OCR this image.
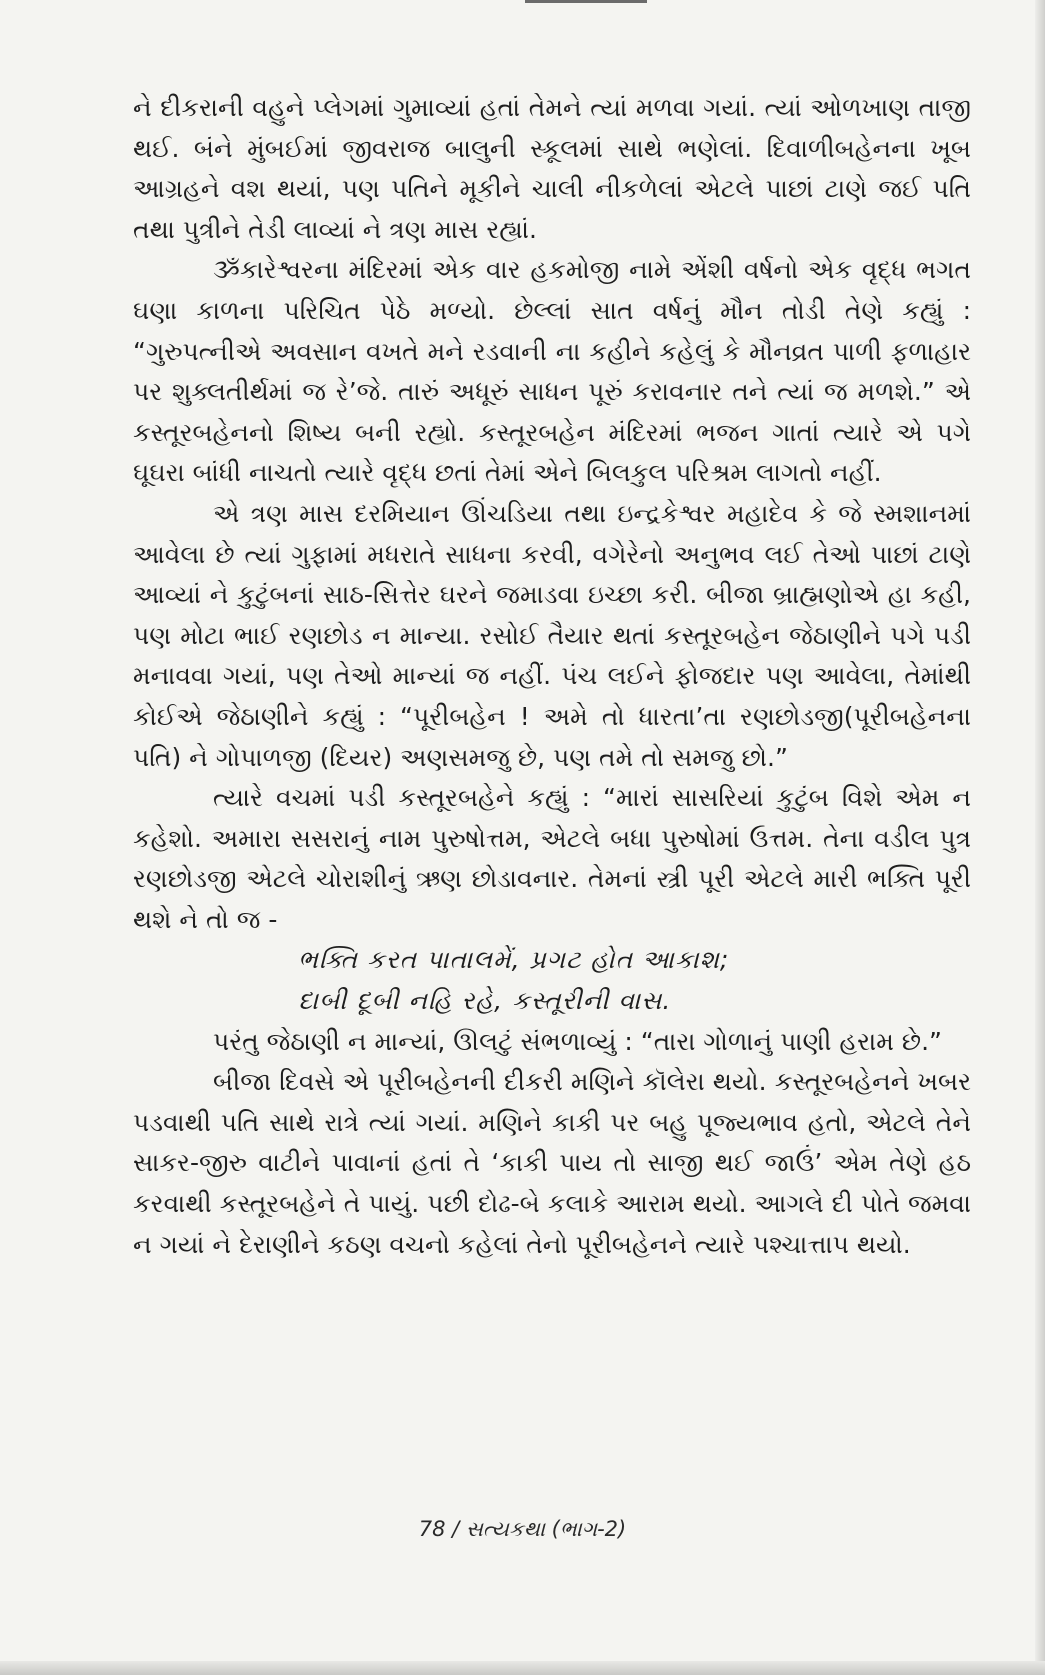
ને દીકરાની વહુને પ્લેગમાં ગુમાવ્યાં હતાં તેમને ત્યાં મળવા ગયાં. ત્યાં ઓળખાણ તાજી થઈ. બંને મુંબઈમાં જીવરાજ બાલુની સ્કૂલમાં સાથે ભણેલાં. દિવાળીબહેનના ખૂબ આગ્રહને વશ થયાં, પણ પતિને મૂકીને ચાલી નીકળેલાં એટલે પાછાં ટાણે જઈ પતિ તથા પુત્રીને તેડી લાવ્યાં ને ત્રણ માસ રહ્યાં.

ૐકારેશ્વરના મંદિરમાં એક વાર હકમોજી નામે એંશી વર્ષનો એક વૃદ્ધ ભગત ઘણા કાળના પરિચિત પેઠે મળ્યો. છેલ્લાં સાત વર્ષનું મૌન તોડી તેણે કહ્યું : “ગુરુપત્નીએ અવસાન વખતે મને રડવાની ના કહીને કહેલું કે મૌનવ્રત પાળી ફળાહાર પર શુક્લતીર્થમાં જ રે’જે. તારું અધૂરું સાધન પૂરું કરાવનાર તને ત્યાં જ મળશે.” એ કસ્તૂરબહેનનો શિષ્ય બની રહ્યો. કસ્તૂરબહેન મંદિરમાં ભજન ગાતાં ત્યારે એ પગે ઘૂઘરા બાંધી નાચતો ત્યારે વૃદ્ધ છતાં તેમાં એને બિલકુલ પરિશ્રમ લાગતો નહીં.

એ ત્રણ માસ દરમિયાન ઊંચડિયા તથા ઇન્દ્રકેશ્વર મહાદેવ કે જે સ્મશાનમાં આવેલા છે ત્યાં ગુફામાં મધરાતે સાધના કરવી, વગેરેનો અનુભવ લઈ તેઓ પાછાં ટાણે આવ્યાં ને કુટુંબનાં સાઠ-સિત્તેર ઘરને જમાડવા ઇચ્છા કરી. બીજા બ્રાહ્મણોએ હા કહી, પણ મોટા ભાઈ રણછોડ ન માન્યા. રસોઈ તૈયાર થતાં કસ્તૂરબહેન જેઠાણીને પગે પડી મનાવવા ગયાં, પણ તેઓ માન્યાં જ નહીં. પંચ લઈને ફોજદાર પણ આવેલા, તેમાંથી કોઈએ જેઠાણીને કહ્યું : “પૂરીબહેન ! અમે તો ધારતા’તા રણછોડજી(પૂરીબહેનના પતિ) ને ગોપાળજી (દિયર) અણસમજુ છે, પણ તમે તો સમજુ છો.”

ત્યારે વચમાં પડી કસ્તૂરબહેને કહ્યું : “મારાં સાસરિયાં કુટુંબ વિશે એમ ન કહેશો. અમારા સસરાનું નામ પુરુષોત્તમ, એટલે બધા પુરુષોમાં ઉત્તમ. તેના વડીલ પુત્ર રણછોડજી એટલે ચોરાશીનું ઋણ છોડાવનાર. તેમનાં સ્ત્રી પૂરી એટલે મારી ભક્તિ પૂરી થશે ને તો જ -

ભક્તિ કરત પાતાલમેં, પ્રગટ હોત આકાશ;

દાબી દૂબી નહિ રહે, કસ્તૂરીની વાસ.

પરંતુ જેઠાણી ન માન્યાં, ઊલટું સંભળાવ્યું : “તારા ગોળાનું પાણી હરામ છે.”

બીજા દિવસે એ પૂરીબહેનની દીકરી મણિને કૉલેરા થયો. કસ્તૂરબહેનને ખબર પડવાથી પતિ સાથે રાત્રે ત્યાં ગયાં. મણિને કાકી પર બહુ પૂજ્યભાવ હતો, એટલે તેને સાકર-જીરુ વાટીને પાવાનાં હતાં તે ‘કાકી પાય તો સાજી થઈ જાઉં’ એમ તેણે હઠ કરવાથી કસ્તૂરબહેને તે પાયું. પછી દોઢ-બે કલાકે આરામ થયો. આગલે દી પોતે જમવા ન ગયાં ને દેરાણીને કઠણ વચનો કહેલાં તેનો પૂરીબહેનને ત્યારે પશ્ચાત્તાપ થયો.

78 / સત્યકથા (ભાગ-2)
